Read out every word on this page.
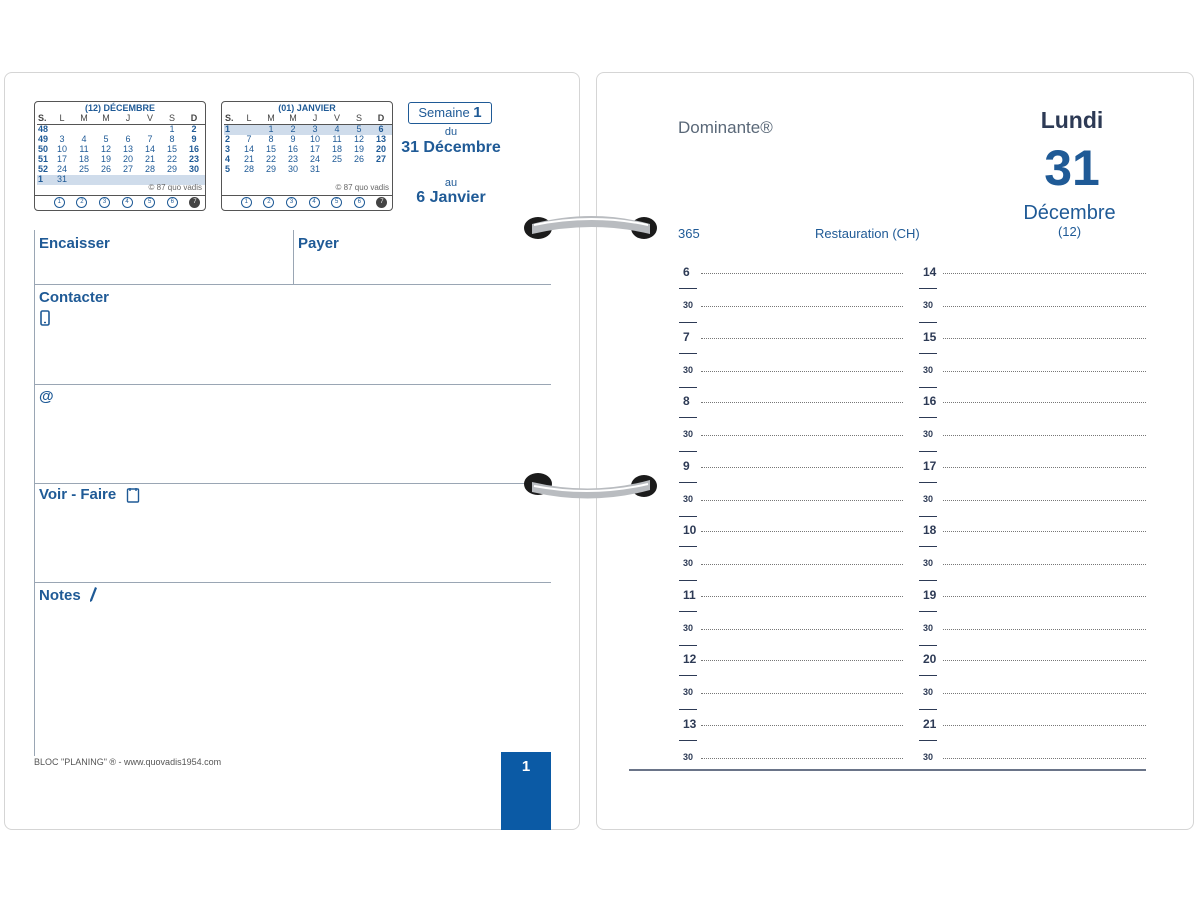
(12) DÉCEMBRE
S.	L	M	M	J	V	S	D
48						1	2
49	3	4	5	6	7	8	9
50	10	11	12	13	14	15	16
51	17	18	19	20	21	22	23
52	24	25	26	27	28	29	30
1	31						
© 87 quo vadis
1	2	3	4	5	6	7
(01) JANVIER
S.	L	M	M	J	V	S	D
1		1	2	3	4	5	6
2	7	8	9	10	11	12	13
3	14	15	16	17	18	19	20
4	21	22	23	24	25	26	27
5	28	29	30	31			
© 87 quo vadis
1	2	3	4	5	6	7
Semaine 1
du
31 Décembre
au
6 Janvier
Encaisser	Payer
Contacter
@
Voir - Faire
Notes
BLOC "PLANING" ® - www.quovadis1954.com	1
Dominante®	Lundi
31
Décembre
(12)
365	Restauration (CH)
6
30
7
30
8
30
9
30
10
30
11
30
12
30
13
30
14
30
15
30
16
30
17
30
18
30
19
30
20
30
21
30
